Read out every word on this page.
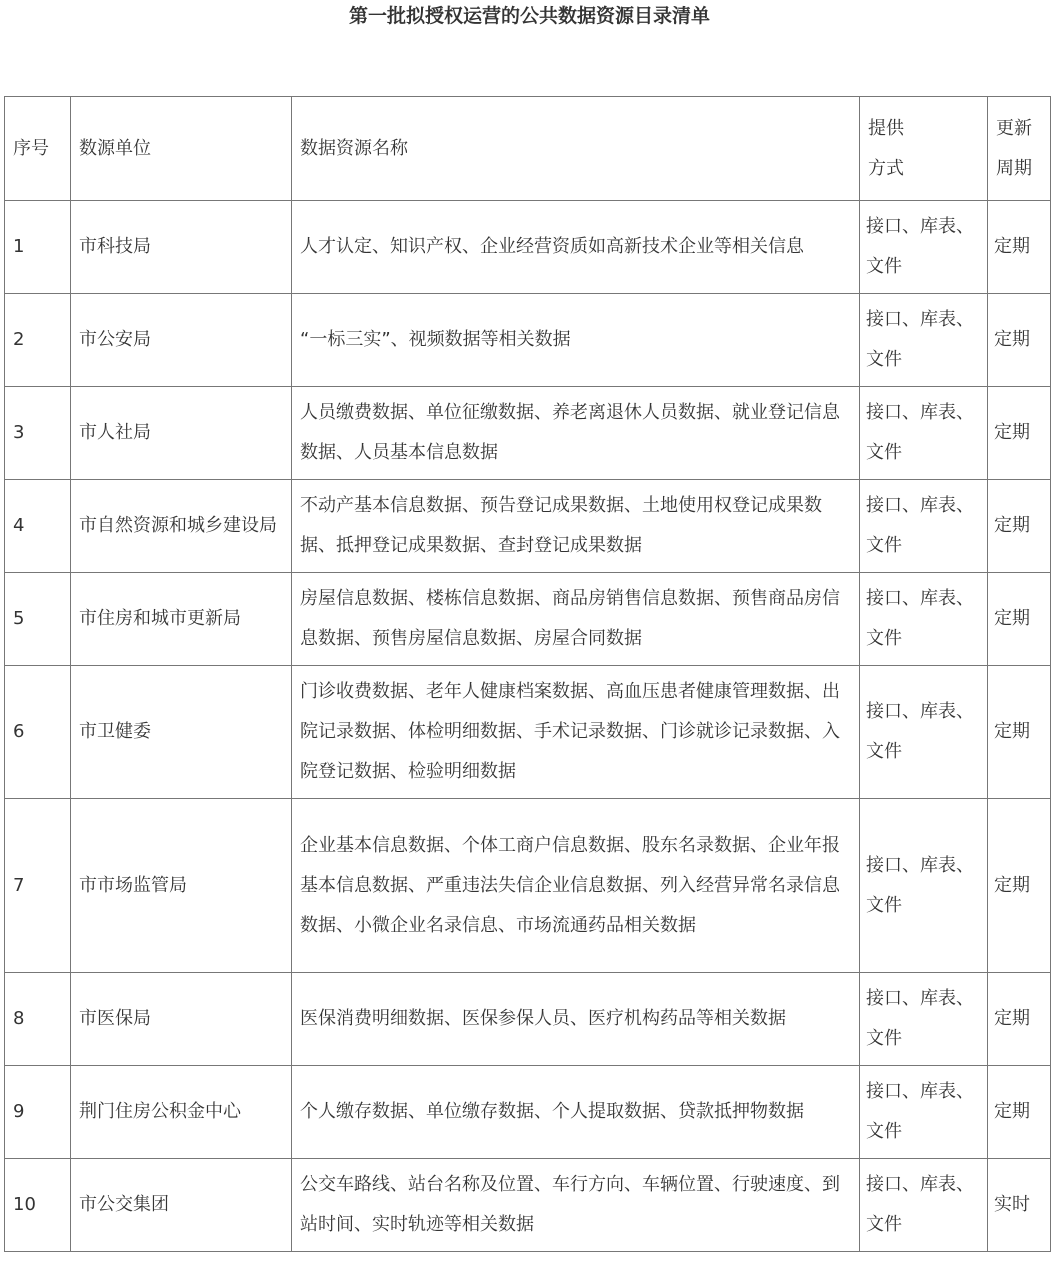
第一批拟授权运营的公共数据资源目录清单
序号	数源单位	数据资源名称	提供方式	更新周期

1	市科技局	人才认定、知识产权、企业经营资质如高新技术企业等相关信息	接口、库表、文件	定期
2	市公安局	“一标三实”、视频数据等相关数据	接口、库表、文件	定期
3	市人社局	人员缴费数据、单位征缴数据、养老离退休人员数据、就业登记信息数据、人员基本信息数据	接口、库表、文件	定期
4	市自然资源和城乡建设局	不动产基本信息数据、预告登记成果数据、土地使用权登记成果数据、抵押登记成果数据、查封登记成果数据	接口、库表、文件	定期
5	市住房和城市更新局	房屋信息数据、楼栋信息数据、商品房销售信息数据、预售商品房信息数据、预售房屋信息数据、房屋合同数据	接口、库表、文件	定期
6	市卫健委	门诊收费数据、老年人健康档案数据、高血压患者健康管理数据、出院记录数据、体检明细数据、手术记录数据、门诊就诊记录数据、入院登记数据、检验明细数据	接口、库表、文件	定期
7	市市场监管局	企业基本信息数据、个体工商户信息数据、股东名录数据、企业年报基本信息数据、严重违法失信企业信息数据、列入经营异常名录信息数据、小微企业名录信息、市场流通药品相关数据	接口、库表、文件	定期
8	市医保局	医保消费明细数据、医保参保人员、医疗机构药品等相关数据	接口、库表、文件	定期
9	荆门住房公积金中心	个人缴存数据、单位缴存数据、个人提取数据、贷款抵押物数据	接口、库表、文件	定期
10	市公交集团	公交车路线、站台名称及位置、车行方向、车辆位置、行驶速度、到站时间、实时轨迹等相关数据	接口、库表、文件	实时
